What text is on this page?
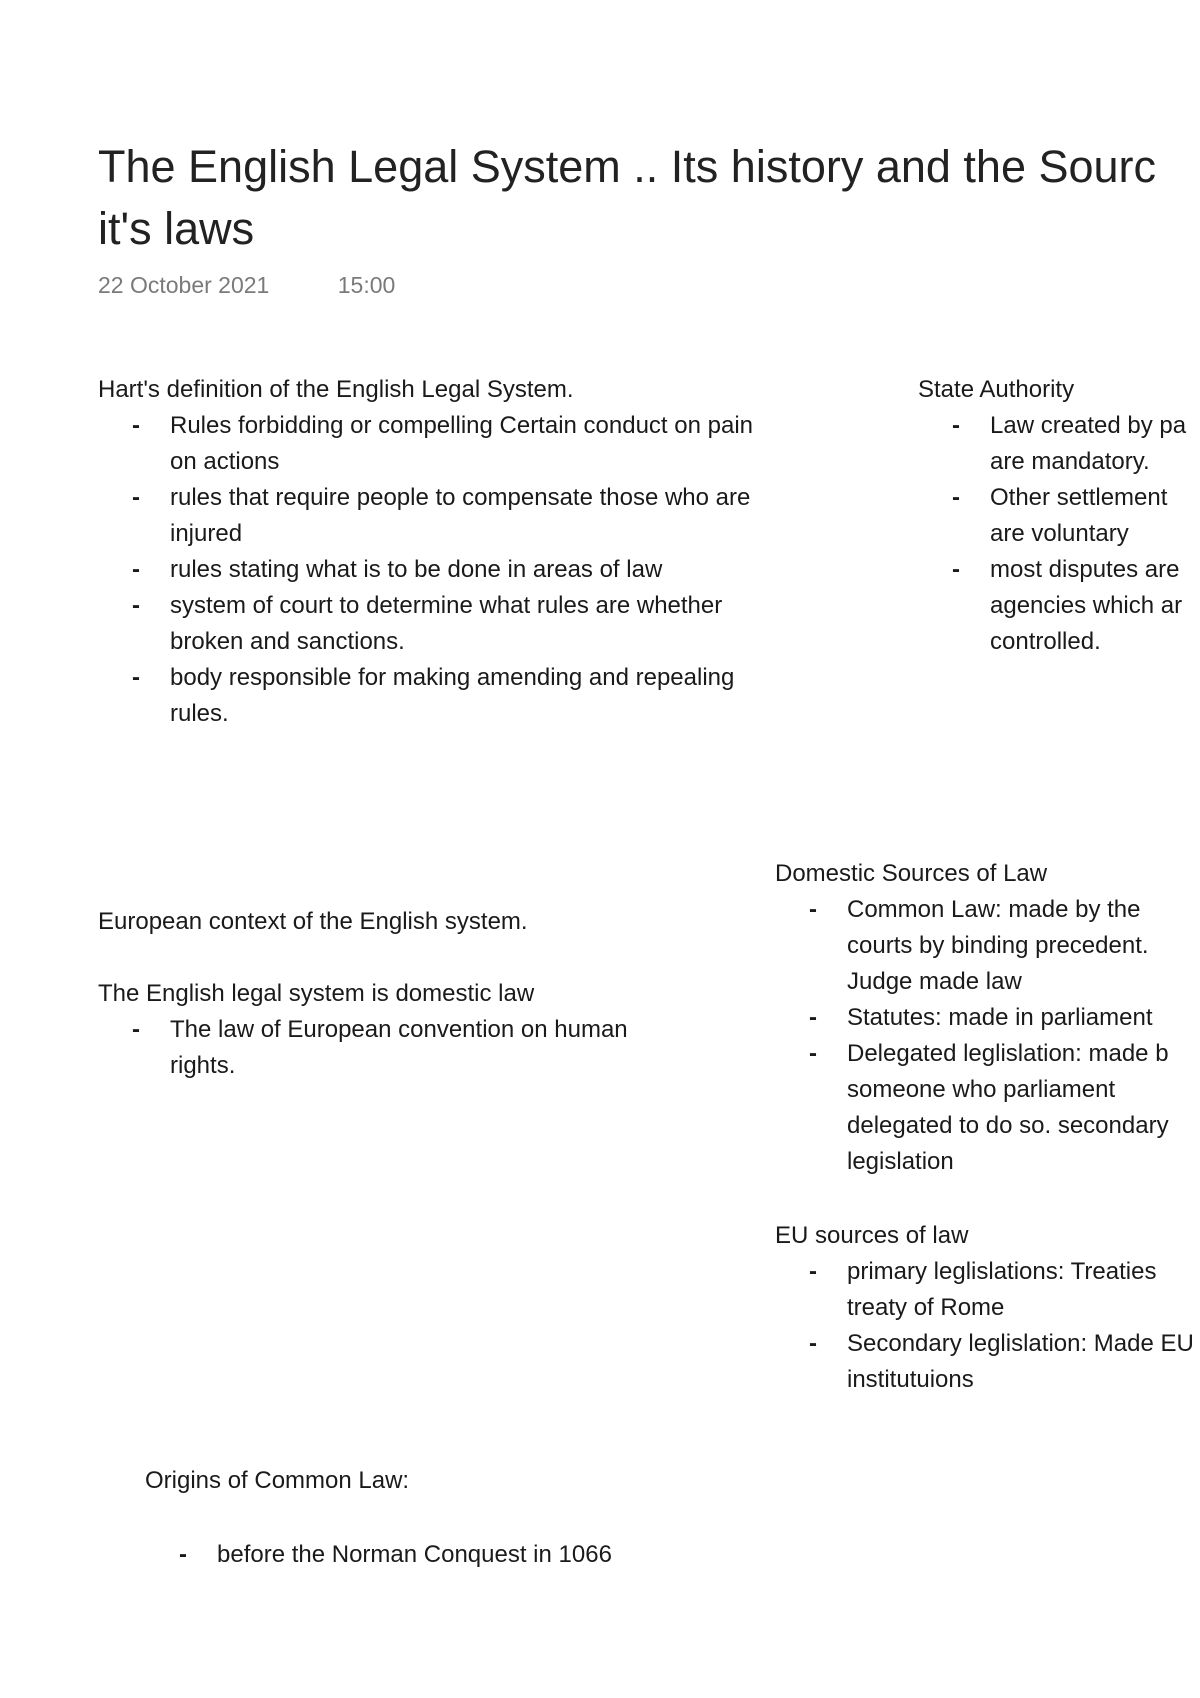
The English Legal System .. Its history and the Sourc
it's laws
22 October 2021	15:00
Hart's definition of the English Legal System.
- Rules forbidding or compelling Certain conduct on pain on actions
- rules that require people to compensate those who are injured
- rules stating what is to be done in areas of law
- system of court to determine what rules are whether broken and sanctions.
- body responsible for making amending and repealing rules.
State Authority
- Law created by pa are mandatory.
- Other settlement are voluntary
- most disputes are agencies which ar controlled.
Domestic Sources of Law
- Common Law: made by the courts by binding precedent. Judge made law
- Statutes: made in parliament
- Delegated leglislation: made b someone who parliament delegated to do so. secondary legislation
European context of the English system.
The English legal system is domestic law
- The law of European convention on human rights.
EU sources of law
- primary leglislations: Treaties treaty of Rome
- Secondary leglislation: Made EU institutuions
Origins of Common Law:
- before the Norman Conquest in 1066
